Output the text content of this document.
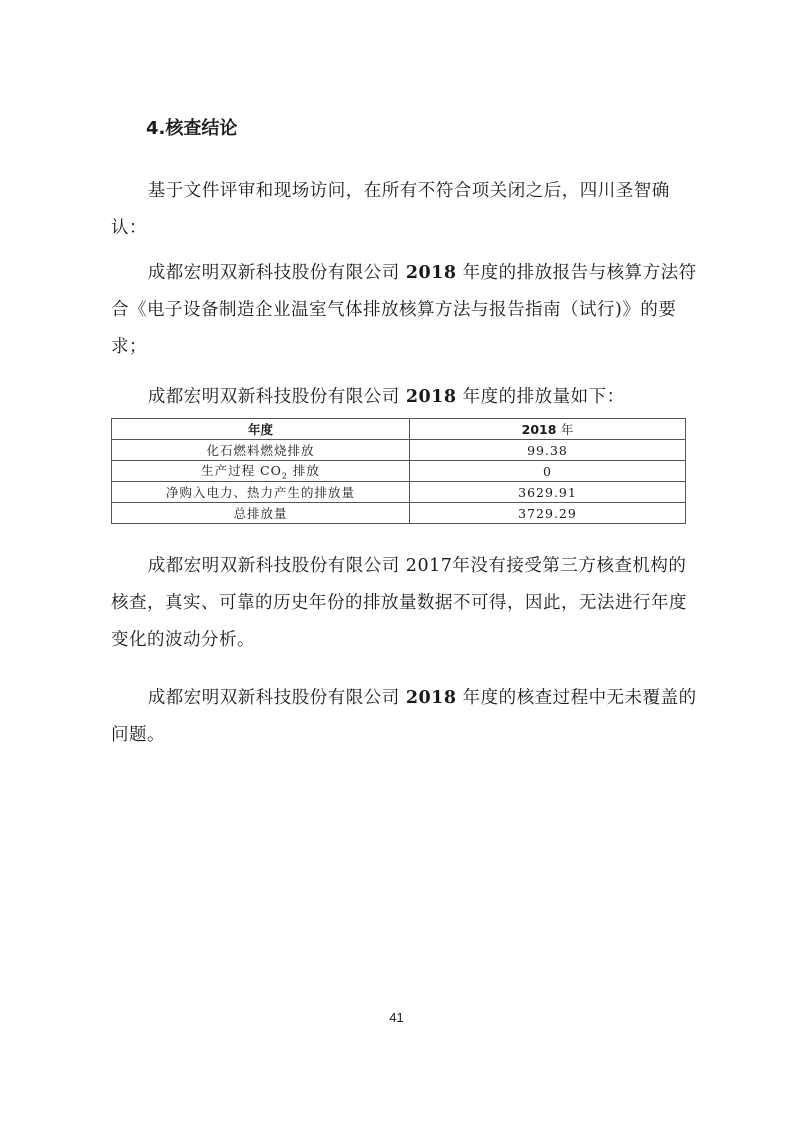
4.核查结论

基于文件评审和现场访问，在所有不符合项关闭之后，四川圣智确认：

成都宏明双新科技股份有限公司 2018 年度的排放报告与核算方法符合《电子设备制造企业温室气体排放核算方法与报告指南（试行)》的要求；

成都宏明双新科技股份有限公司 2018 年度的排放量如下：

年度	2018 年
化石燃料燃烧排放	99.38
生产过程 $CO_2$ 排放	0
净购入电力、热力产生的排放量	3629.91
总排放量	3729.29

成都宏明双新科技股份有限公司 2017年没有接受第三方核查机构的核查，真实、可靠的历史年份的排放量数据不可得，因此，无法进行年度变化的波动分析。

成都宏明双新科技股份有限公司 2018 年度的核查过程中无未覆盖的问题。

41
